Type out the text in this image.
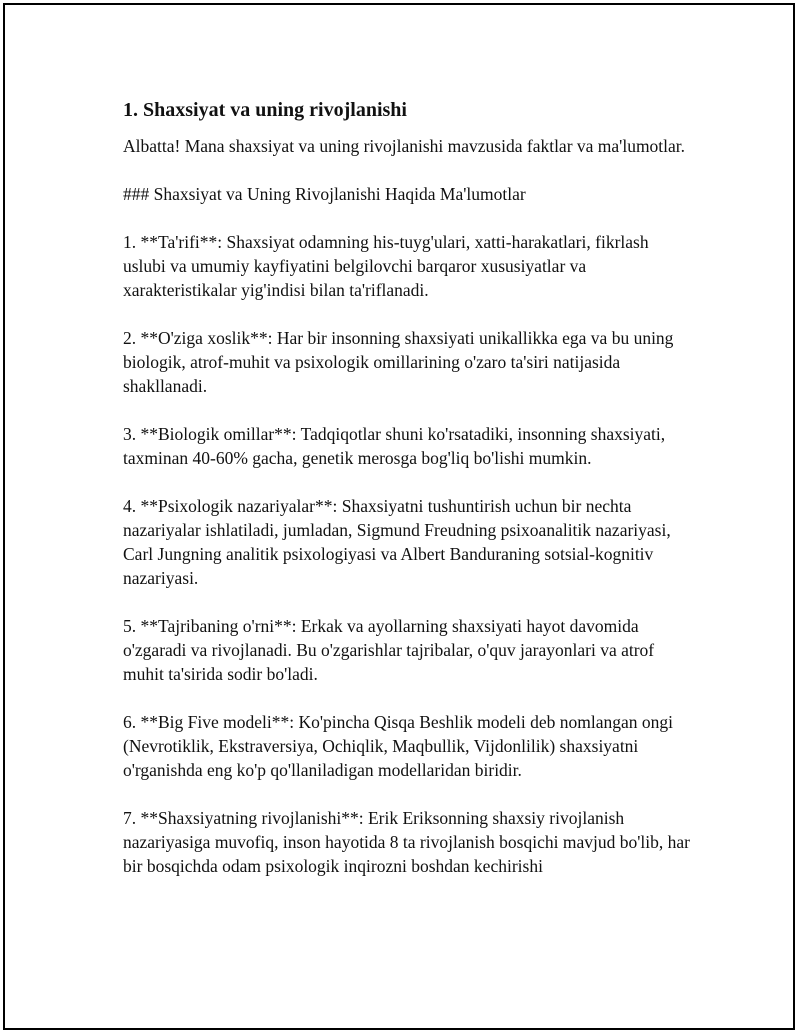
1. Shaxsiyat va uning rivojlanishi

Albatta! Mana shaxsiyat va uning rivojlanishi mavzusida faktlar va ma'lumotlar.

### Shaxsiyat va Uning Rivojlanishi Haqida Ma'lumotlar

1. **Ta'rifi**: Shaxsiyat odamning his-tuyg'ulari, xatti-harakatlari, fikrlash uslubi va umumiy kayfiyatini belgilovchi barqaror xususiyatlar va xarakteristikalar yig'indisi bilan ta'riflanadi.

2. **O'ziga xoslik**: Har bir insonning shaxsiyati unikallikka ega va bu uning biologik, atrof-muhit va psixologik omillarining o'zaro ta'siri natijasida shakllanadi.

3. **Biologik omillar**: Tadqiqotlar shuni ko'rsatadiki, insonning shaxsiyati, taxminan 40-60% gacha, genetik merosga bog'liq bo'lishi mumkin.

4. **Psixologik nazariyalar**: Shaxsiyatni tushuntirish uchun bir nechta nazariyalar ishlatiladi, jumladan, Sigmund Freudning psixoanalitik nazariyasi, Carl Jungning analitik psixologiyasi va Albert Banduraning sotsial-kognitiv nazariyasi.

5. **Tajribaning o'rni**: Erkak va ayollarning shaxsiyati hayot davomida o'zgaradi va rivojlanadi. Bu o'zgarishlar tajribalar, o'quv jarayonlari va atrof muhit ta'sirida sodir bo'ladi.

6. **Big Five modeli**: Ko'pincha Qisqa Beshlik modeli deb nomlangan ongi (Nevrotiklik, Ekstraversiya, Ochiqlik, Maqbullik, Vijdonlilik) shaxsiyatni o'rganishda eng ko'p qo'llaniladigan modellaridan biridir.

7. **Shaxsiyatning rivojlanishi**: Erik Eriksonning shaxsiy rivojlanish nazariyasiga muvofiq, inson hayotida 8 ta rivojlanish bosqichi mavjud bo'lib, har bir bosqichda odam psixologik inqirozni boshdan kechirishi
